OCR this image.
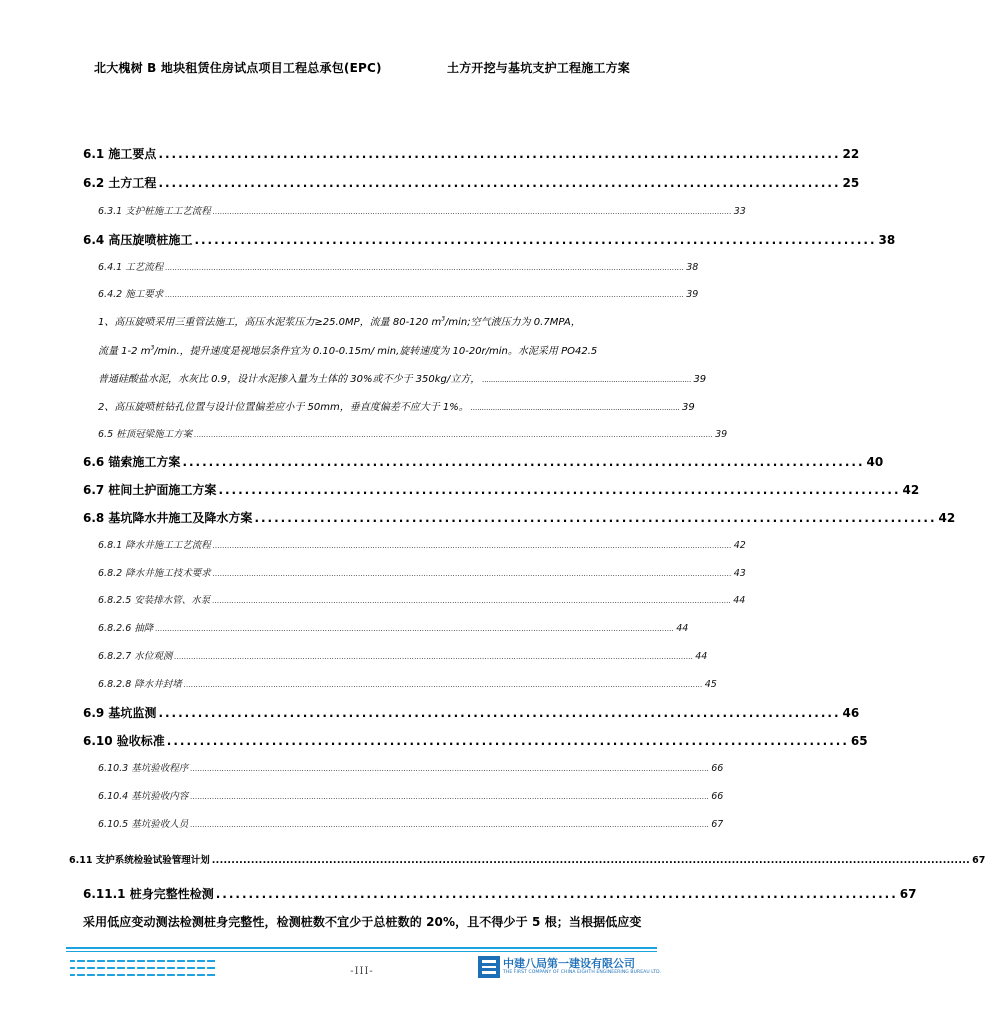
北大槐树 B 地块租赁住房试点项目工程总承包(EPC)	土方开挖与基坑支护工程施工方案
6.1 施工要点 ........................................................................................................ 22
6.2 土方工程 ........................................................................................................ 25
6.3.1 支护桩施工工艺流程 ...................................................................................................................................................................................................................... 33
6.4 高压旋喷桩施工 ........................................................................................................ 38
6.4.1 工艺流程 ...................................................................................................................................................................................................................... 38
6.4.2 施工要求 ...................................................................................................................................................................................................................... 39
1、高压旋喷采用三重管法施工，高压水泥浆压力≥25.0MP，流量 80-120 $m^3/\min$;空气液压力为 0.7MPA，
流量 1-2 $m^3/\min$.，提升速度是视地层条件宜为 0.10-0.15m/ min,旋转速度为 10-20r/min。水泥采用 PO42.5
普通硅酸盐水泥，水灰比 0.9，设计水泥掺入量为土体的 30%或不少于 350kg/立方， .............................................................................................. 39
2、高压旋喷桩钻孔位置与设计位置偏差应小于 50mm，垂直度偏差不应大于 1%。 .............................................................................................. 39
6.5 桩顶冠梁施工方案 ...................................................................................................................................................................................................................... 39
6.6 锚索施工方案 ........................................................................................................ 40
6.7 桩间土护面施工方案 ........................................................................................................ 42
6.8 基坑降水井施工及降水方案 ........................................................................................................ 42
6.8.1 降水井施工工艺流程 ...................................................................................................................................................................................................................... 42
6.8.2 降水井施工技术要求 ...................................................................................................................................................................................................................... 43
6.8.2.5 安装排水管、水泵 ...................................................................................................................................................................................................................... 44
6.8.2.6 抽降 ...................................................................................................................................................................................................................... 44
6.8.2.7 水位观测 ...................................................................................................................................................................................................................... 44
6.8.2.8 降水井封堵 ...................................................................................................................................................................................................................... 45
6.9 基坑监测 ........................................................................................................ 46
6.10 验收标准 ........................................................................................................ 65
6.10.3 基坑验收程序 ...................................................................................................................................................................................................................... 66
6.10.4 基坑验收内容 ...................................................................................................................................................................................................................... 66
6.10.5 基坑验收人员 ...................................................................................................................................................................................................................... 67
6.11 支护系统检验试验管理计划 .................................................................................................................................................................................................. 67
6.11.1 桩身完整性检测 ........................................................................................................ 67
采用低应变动测法检测桩身完整性，检测桩数不宜少于总桩数的 20%，且不得少于 5 根；当根据低应变
-III-
中建八局第一建设有限公司
THE FIRST COMPANY OF CHINA EIGHTH ENGINEERING BUREAU LTD.
